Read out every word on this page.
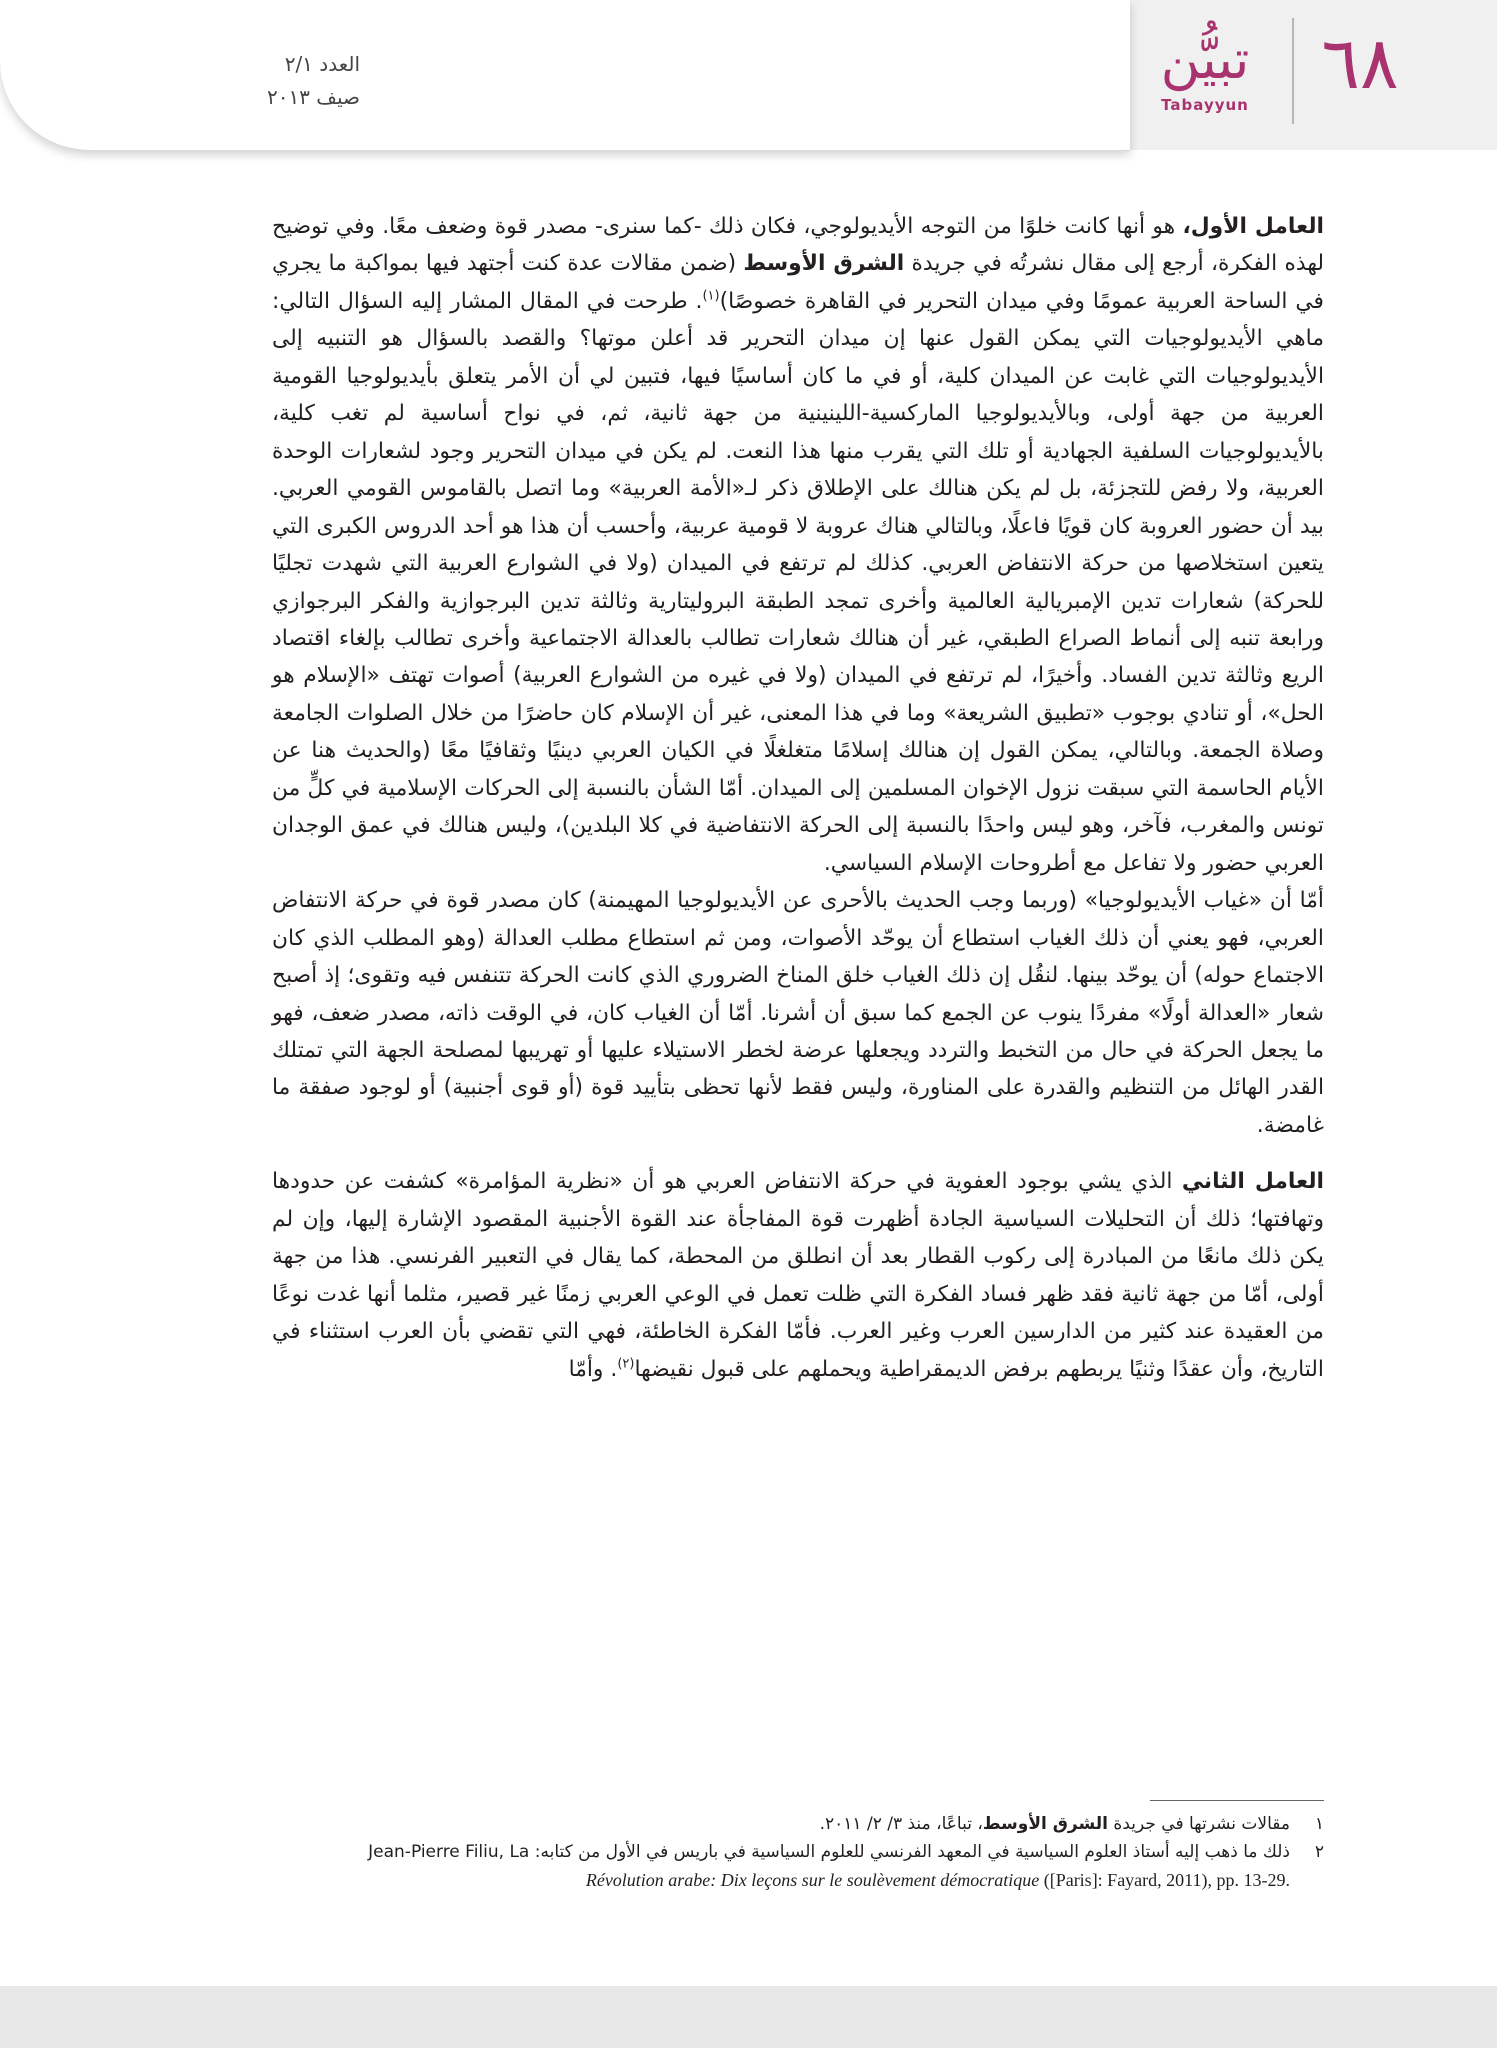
العدد ٢/١
صيف ٢٠١٣
تبيُّن
Tabayyun ٦٨

العامل الأول، هو أنها كانت خلوًا من التوجه الأيديولوجي، فكان ذلك -كما سنرى- مصدر قوة وضعف معًا. وفي توضيح لهذه الفكرة، أرجع إلى مقال نشرتُه في جريدة الشرق الأوسط (ضمن مقالات عدة كنت أجتهد فيها بمواكبة ما يجري في الساحة العربية عمومًا وفي ميدان التحرير في القاهرة خصوصًا)$^{(١)}$. طرحت في المقال المشار إليه السؤال التالي: ماهي الأيديولوجيات التي يمكن القول عنها إن ميدان التحرير قد أعلن موتها؟ والقصد بالسؤال هو التنبيه إلى الأيديولوجيات التي غابت عن الميدان كلية، أو في ما كان أساسيًا فيها، فتبين لي أن الأمر يتعلق بأيديولوجيا القومية العربية من جهة أولى، وبالأيديولوجيا الماركسية-اللينينية من جهة ثانية، ثم، في نواح أساسية لم تغب كلية، بالأيديولوجيات السلفية الجهادية أو تلك التي يقرب منها هذا النعت. لم يكن في ميدان التحرير وجود لشعارات الوحدة العربية، ولا رفض للتجزئة، بل لم يكن هنالك على الإطلاق ذكر لـ«الأمة العربية» وما اتصل بالقاموس القومي العربي. بيد أن حضور العروبة كان قويًا فاعلًا، وبالتالي هناك عروبة لا قومية عربية، وأحسب أن هذا هو أحد الدروس الكبرى التي يتعين استخلاصها من حركة الانتفاض العربي. كذلك لم ترتفع في الميدان (ولا في الشوارع العربية التي شهدت تجليًا للحركة) شعارات تدين الإمبريالية العالمية وأخرى تمجد الطبقة البروليتارية وثالثة تدين البرجوازية والفكر البرجوازي ورابعة تنبه إلى أنماط الصراع الطبقي، غير أن هنالك شعارات تطالب بالعدالة الاجتماعية وأخرى تطالب بإلغاء اقتصاد الريع وثالثة تدين الفساد. وأخيرًا، لم ترتفع في الميدان (ولا في غيره من الشوارع العربية) أصوات تهتف «الإسلام هو الحل»، أو تنادي بوجوب «تطبيق الشريعة» وما في هذا المعنى، غير أن الإسلام كان حاضرًا من خلال الصلوات الجامعة وصلاة الجمعة. وبالتالي، يمكن القول إن هنالك إسلامًا متغلغلًا في الكيان العربي دينيًا وثقافيًا معًا (والحديث هنا عن الأيام الحاسمة التي سبقت نزول الإخوان المسلمين إلى الميدان. أمّا الشأن بالنسبة إلى الحركات الإسلامية في كلٍّ من تونس والمغرب، فآخر، وهو ليس واحدًا بالنسبة إلى الحركة الانتفاضية في كلا البلدين)، وليس هنالك في عمق الوجدان العربي حضور ولا تفاعل مع أطروحات الإسلام السياسي.

أمّا أن «غياب الأيديولوجيا» (وربما وجب الحديث بالأحرى عن الأيديولوجيا المهيمنة) كان مصدر قوة في حركة الانتفاض العربي، فهو يعني أن ذلك الغياب استطاع أن يوحّد الأصوات، ومن ثم استطاع مطلب العدالة (وهو المطلب الذي كان الاجتماع حوله) أن يوحّد بينها. لنقُل إن ذلك الغياب خلق المناخ الضروري الذي كانت الحركة تتنفس فيه وتقوى؛ إذ أصبح شعار «العدالة أولًا» مفردًا ينوب عن الجمع كما سبق أن أشرنا. أمّا أن الغياب كان، في الوقت ذاته، مصدر ضعف، فهو ما يجعل الحركة في حال من التخبط والتردد ويجعلها عرضة لخطر الاستيلاء عليها أو تهريبها لمصلحة الجهة التي تمتلك القدر الهائل من التنظيم والقدرة على المناورة، وليس فقط لأنها تحظى بتأييد قوة (أو قوى أجنبية) أو لوجود صفقة ما غامضة.

العامل الثاني الذي يشي بوجود العفوية في حركة الانتفاض العربي هو أن «نظرية المؤامرة» كشفت عن حدودها وتهافتها؛ ذلك أن التحليلات السياسية الجادة أظهرت قوة المفاجأة عند القوة الأجنبية المقصود الإشارة إليها، وإن لم يكن ذلك مانعًا من المبادرة إلى ركوب القطار بعد أن انطلق من المحطة، كما يقال في التعبير الفرنسي. هذا من جهة أولى، أمّا من جهة ثانية فقد ظهر فساد الفكرة التي ظلت تعمل في الوعي العربي زمنًا غير قصير، مثلما أنها غدت نوعًا من العقيدة عند كثير من الدارسين العرب وغير العرب. فأمّا الفكرة الخاطئة، فهي التي تقضي بأن العرب استثناء في التاريخ، وأن عقدًا وثنيًا يربطهم برفض الديمقراطية ويحملهم على قبول نقيضها$^{(٢)}$. وأمّا

١
مقالات نشرتها في جريدة الشرق الأوسط، تباعًا، منذ ٣/ ٢/ ٢٠١١.
٢
ذلك ما ذهب إليه أستاذ العلوم السياسية في المعهد الفرنسي للعلوم السياسية في باريس في الأول من كتابه: Jean-Pierre Filiu, La
Révolution arabe: Dix leçons sur le soulèvement démocratique ([Paris]: Fayard, 2011), pp. 13-29.
